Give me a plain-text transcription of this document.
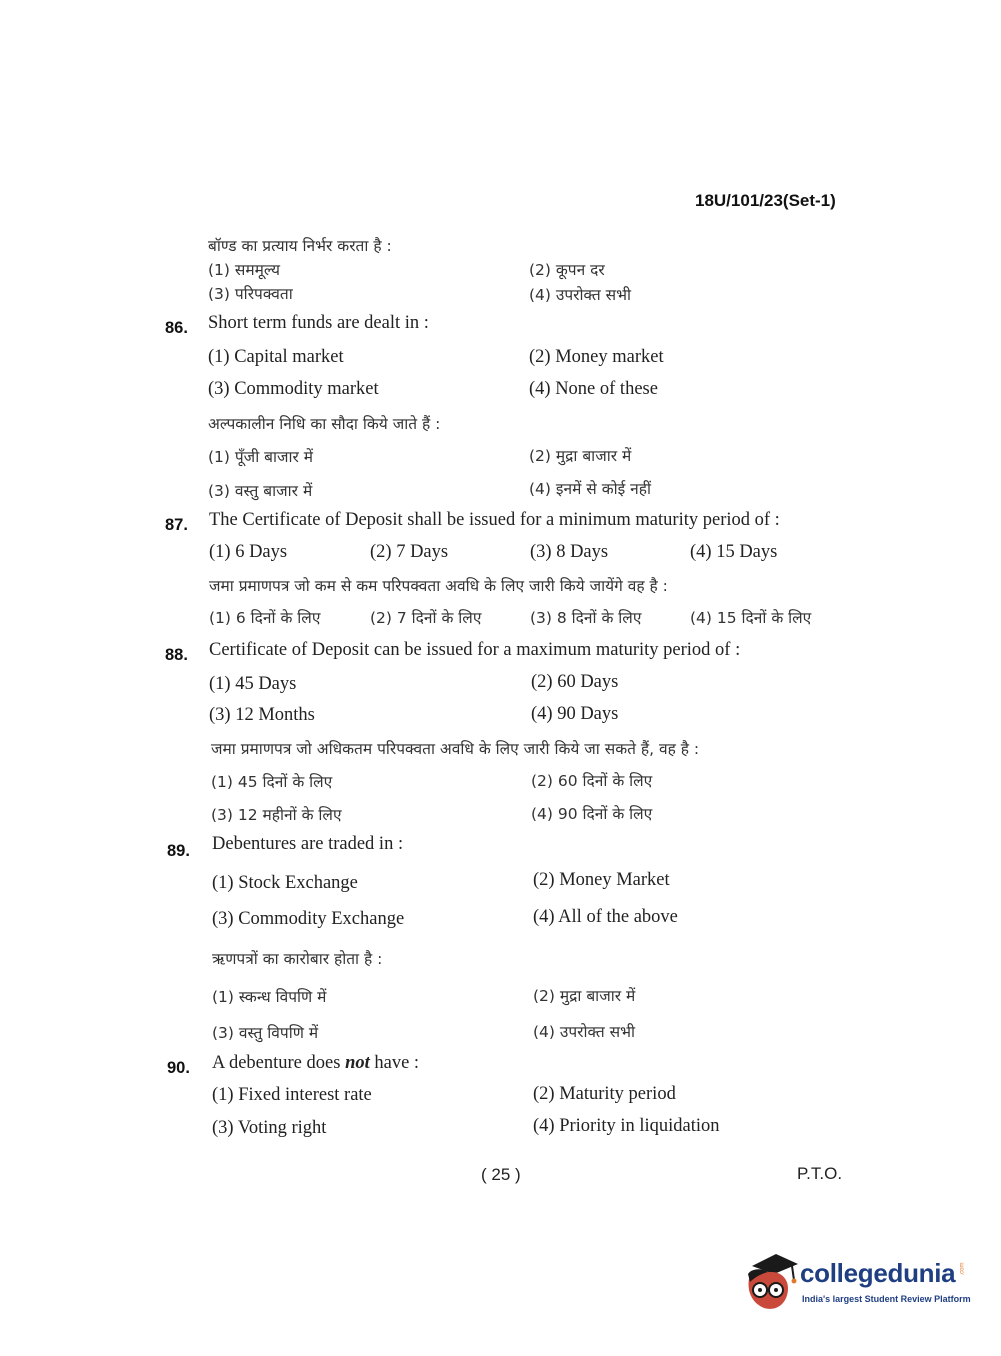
18U/101/23(Set-1)
बॉण्ड का प्रत्याय निर्भर करता है :
(1) सममूल्य	(2) कूपन दर
(3) परिपक्वता	(4) उपरोक्त सभी
86. Short term funds are dealt in :
(1) Capital market	(2) Money market
(3) Commodity market	(4) None of these
अल्पकालीन निधि का सौदा किये जाते हैं :
(1) पूँजी बाजार में	(2) मुद्रा बाजार में
(3) वस्तु बाजार में	(4) इनमें से कोई नहीं
87. The Certificate of Deposit shall be issued for a minimum maturity period of :
(1) 6 Days	(2) 7 Days	(3) 8 Days	(4) 15 Days
जमा प्रमाणपत्र जो कम से कम परिपक्वता अवधि के लिए जारी किये जायेंगे वह है :
(1) 6 दिनों के लिए	(2) 7 दिनों के लिए	(3) 8 दिनों के लिए	(4) 15 दिनों के लिए
88. Certificate of Deposit can be issued for a maximum maturity period of :
(1) 45 Days	(2) 60 Days
(3) 12 Months	(4) 90 Days
जमा प्रमाणपत्र जो अधिकतम परिपक्वता अवधि के लिए जारी किये जा सकते हैं, वह है :
(1) 45 दिनों के लिए	(2) 60 दिनों के लिए
(3) 12 महीनों के लिए	(4) 90 दिनों के लिए
89. Debentures are traded in :
(1) Stock Exchange	(2) Money Market
(3) Commodity Exchange	(4) All of the above
ऋणपत्रों का कारोबार होता है :
(1) स्कन्ध विपणि में	(2) मुद्रा बाजार में
(3) वस्तु विपणि में	(4) उपरोक्त सभी
90. A debenture does not have :
(1) Fixed interest rate	(2) Maturity period
(3) Voting right	(4) Priority in liquidation
( 25 )	P.T.O.
collegedunia .com
India's largest Student Review Platform
